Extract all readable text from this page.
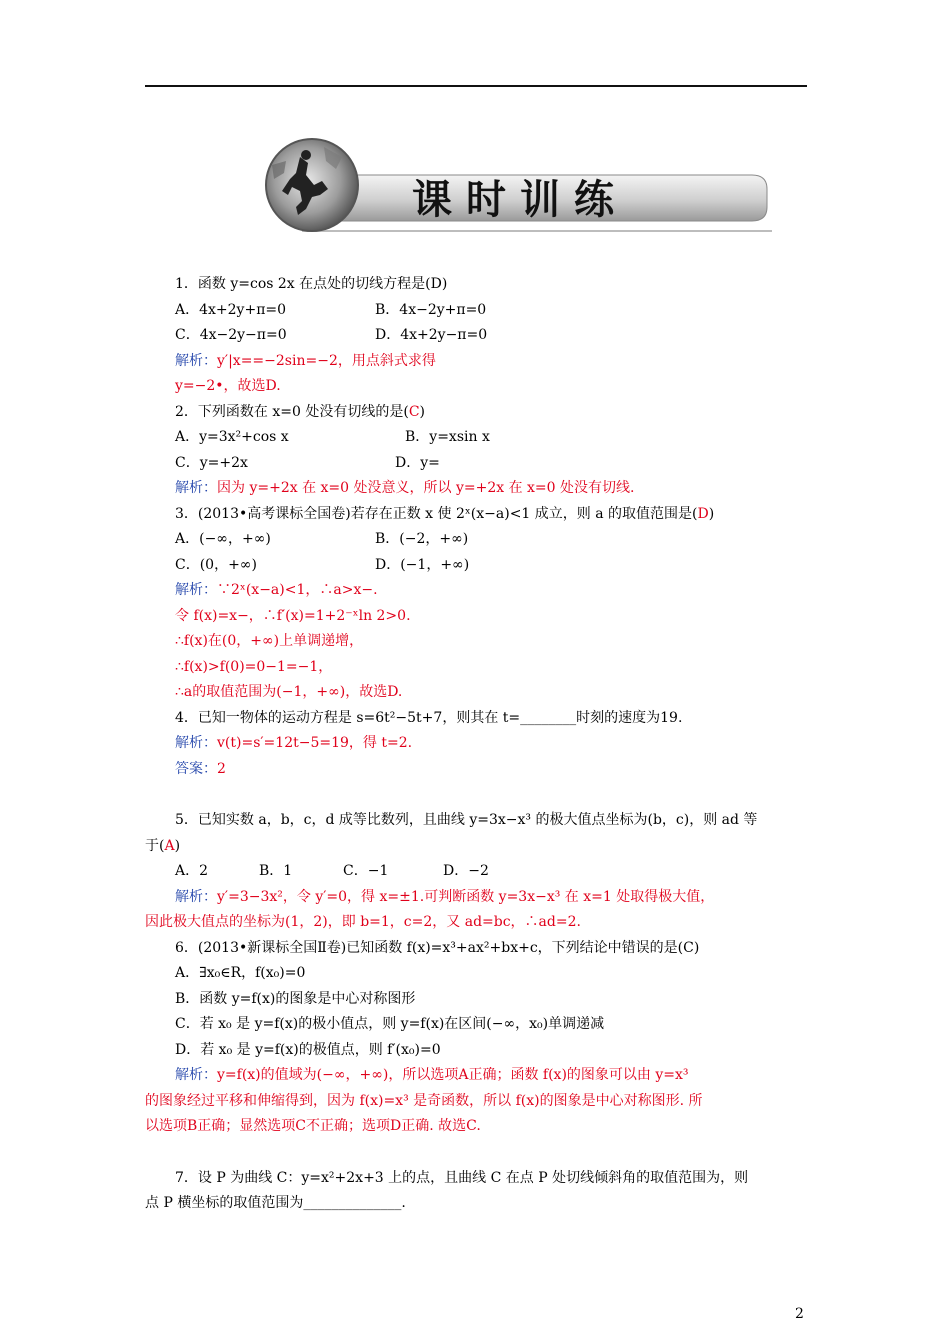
课时训练
1．函数 y=cos 2x 在点处的切线方程是(D)
A．4x+2y+π=0	B．4x−2y+π=0
C．4x−2y−π=0	D．4x+2y−π=0
解析：y′|x==−2sin=−2，用点斜式求得
y=−2•，故选D.
2．下列函数在 x=0 处没有切线的是(C)
A．y=3x²+cos x	B．y=xsin x
C．y=+2x	D．y=
解析：因为 y=+2x 在 x=0 处没意义，所以 y=+2x 在 x=0 处没有切线.
3．(2013•高考课标全国卷)若存在正数 x 使 2ˣ(x−a)<1 成立，则 a 的取值范围是(D)
A．(−∞，+∞)	B．(−2，+∞)
C．(0，+∞)	D．(−1，+∞)
解析：∵2ˣ(x−a)<1，∴a>x−.
令 f(x)=x−，∴f′(x)=1+2⁻ˣln 2>0.
∴f(x)在(0，+∞)上单调递增，
∴f(x)>f(0)=0−1=−1，
∴a的取值范围为(−1，+∞)，故选D.
4．已知一物体的运动方程是 s=6t²−5t+7，则其在 t=________时刻的速度为19.
解析：v(t)=s′=12t−5=19，得 t=2.
答案：2
5．已知实数 a，b，c，d 成等比数列，且曲线 y=3x−x³ 的极大值点坐标为(b，c)，则 ad 等
于(A)
A．2	B．1	C．−1	D．−2
解析：y′=3−3x²，令 y′=0，得 x=±1.可判断函数 y=3x−x³ 在 x=1 处取得极大值，
因此极大值点的坐标为(1，2)，即 b=1，c=2，又 ad=bc，∴ad=2.
6．(2013•新课标全国Ⅱ卷)已知函数 f(x)=x³+ax²+bx+c，下列结论中错误的是(C)
A．∃x₀∈R，f(x₀)=0
B．函数 y=f(x)的图象是中心对称图形
C．若 x₀ 是 y=f(x)的极小值点，则 y=f(x)在区间(−∞，x₀)单调递减
D．若 x₀ 是 y=f(x)的极值点，则 f′(x₀)=0
解析：y=f(x)的值域为(−∞，+∞)，所以选项A正确；函数 f(x)的图象可以由 y=x³
的图象经过平移和伸缩得到，因为 f(x)=x³ 是奇函数，所以 f(x)的图象是中心对称图形. 所
以选项B正确；显然选项C不正确；选项D正确. 故选C.
7．设 P 为曲线 C：y=x²+2x+3 上的点，且曲线 C 在点 P 处切线倾斜角的取值范围为，则
点 P 横坐标的取值范围为______________.
2
